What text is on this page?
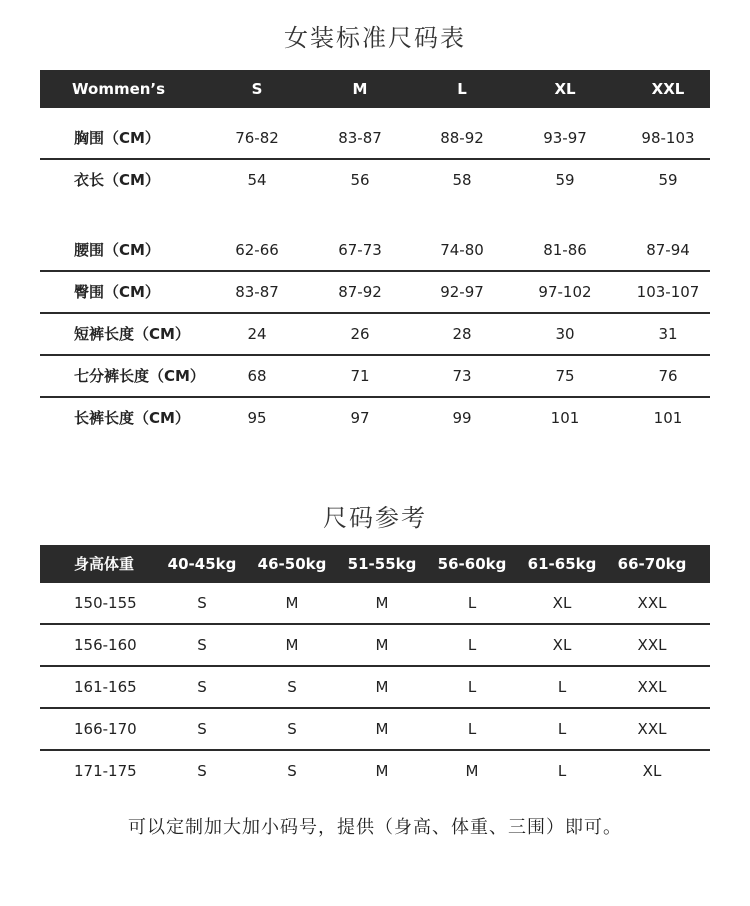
女装标准尺码表
Wommen’s	S	M	L	XL	XXL
胸围（CM）	76-82	83-87	88-92	93-97	98-103
衣长（CM）	54	56	58	59	59
腰围（CM）	62-66	67-73	74-80	81-86	87-94
臀围（CM）	83-87	87-92	92-97	97-102	103-107
短裤长度（CM）	24	26	28	30	31
七分裤长度（CM）	68	71	73	75	76
长裤长度（CM）	95	97	99	101	101
尺码参考
身高体重 40-45kg 46-50kg 51-55kg 56-60kg 61-65kg 66-70kg
150-155	S	M	M	L	XL	XXL
156-160	S	M	M	L	XL	XXL
161-165	S	S	M	L	L	XXL
166-170	S	S	M	L	L	XXL
171-175	S	S	M	M	L	XL
可以定制加大加小码号，提供（身高、体重、三围）即可。
